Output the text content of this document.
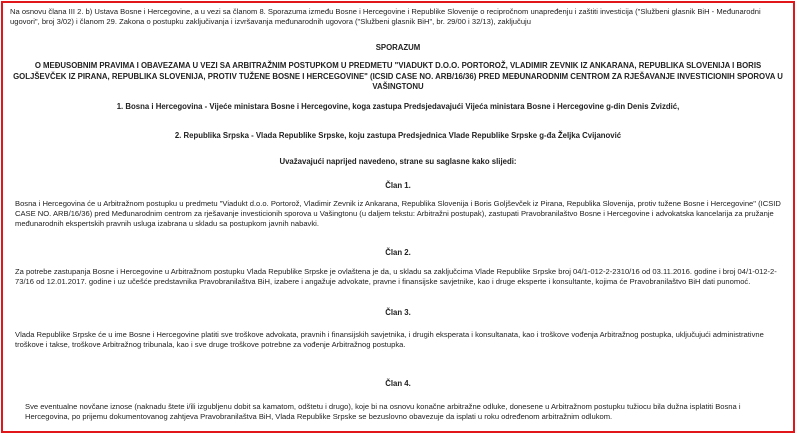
Na osnovu člana III 2. b) Ustava Bosne i Hercegovine, a u vezi sa članom 8. Sporazuma između Bosne i Hercegovine i Republike Slovenije o recipročnom unapređenju i zaštiti investicija ("Službeni glasnik BiH - Međunarodni ugovori", broj 3/02) i članom 29. Zakona o postupku zaključivanja i izvršavanja međunarodnih ugovora ("Službeni glasnik BiH", br. 29/00 i 32/13), zaključuju
SPORAZUM
O MEĐUSOBNIM PRAVIMA I OBAVEZAMA U VEZI SA ARBITRAŽNIM POSTUPKOM U PREDMETU "VIADUKT D.O.O. PORTOROŽ, VLADIMIR ZEVNIK IZ ANKARANA, REPUBLIKA SLOVENIJA I BORIS GOLJŠEVČEK IZ PIRANA, REPUBLIKA SLOVENIJA, PROTIV TUŽENE BOSNE I HERCEGOVINE" (ICSID CASE NO. ARB/16/36) PRED MEĐUNARODNIM CENTROM ZA RJEŠAVANJE INVESTICIONIH SPOROVA U VAŠINGTONU
1. Bosna i Hercegovina - Vijeće ministara Bosne i Hercegovine, koga zastupa Predsjedavajući Vijeća ministara Bosne i Hercegovine g-din Denis Zvizdić,
2. Republika Srpska - Vlada Republike Srpske, koju zastupa Predsjednica Vlade Republike Srpske g-đa Željka Cvijanović
Uvažavajući naprijed navedeno, strane su saglasne kako slijedi:
Član 1.
Bosna i Hercegovina će u Arbitražnom postupku u predmetu "Viadukt d.o.o. Portorož, Vladimir Zevnik iz Ankarana, Republika Slovenija i Boris Goljševček iz Pirana, Republika Slovenija, protiv tužene Bosne i Hercegovine" (ICSID CASE NO. ARB/16/36) pred Međunarodnim centrom za rješavanje investicionih sporova u Vašingtonu (u daljem tekstu: Arbitražni postupak), zastupati Pravobranilaštvo Bosne i Hercegovine i advokatska kancelarija za pružanje međunarodnih ekspertskih pravnih usluga izabrana u skladu sa postupkom javnih nabavki.
Član 2.
Za potrebe zastupanja Bosne i Hercegovine u Arbitražnom postupku Vlada Republike Srpske je ovlaštena je da, u skladu sa zaključcima Vlade Republike Srpske broj 04/1-012-2-2310/16 od 03.11.2016. godine i broj 04/1-012-2-73/16 od 12.01.2017. godine i uz učešće predstavnika Pravobranilaštva BiH, izabere i angažuje advokate, pravne i finansijske savjetnike, kao i druge eksperte i konsultante, kojima će Pravobranilaštvo BiH dati punomoć.
Član 3.
Vlada Republike Srpske će u ime Bosne i Hercegovine platiti sve troškove advokata, pravnih i finansijskih savjetnika, i drugih eksperata i konsultanata, kao i troškove vođenja Arbitražnog postupka, uključujući administrativne troškove i takse, troškove Arbitražnog tribunala, kao i sve druge troškove potrebne za vođenje Arbitražnog postupka.
Član 4.
Sve eventualne novčane iznose (naknadu štete i/ili izgubljenu dobit sa kamatom, odštetu i drugo), koje bi na osnovu konačne arbitražne odluke, donesene u Arbitražnom postupku tužiocu bila dužna isplatiti Bosna i Hercegovina, po prijemu dokumentovanog zahtjeva Pravobranilaštva BiH, Vlada Republike Srpske se bezuslovno obavezuje da isplati u roku određenom arbitražnim odlukom.
